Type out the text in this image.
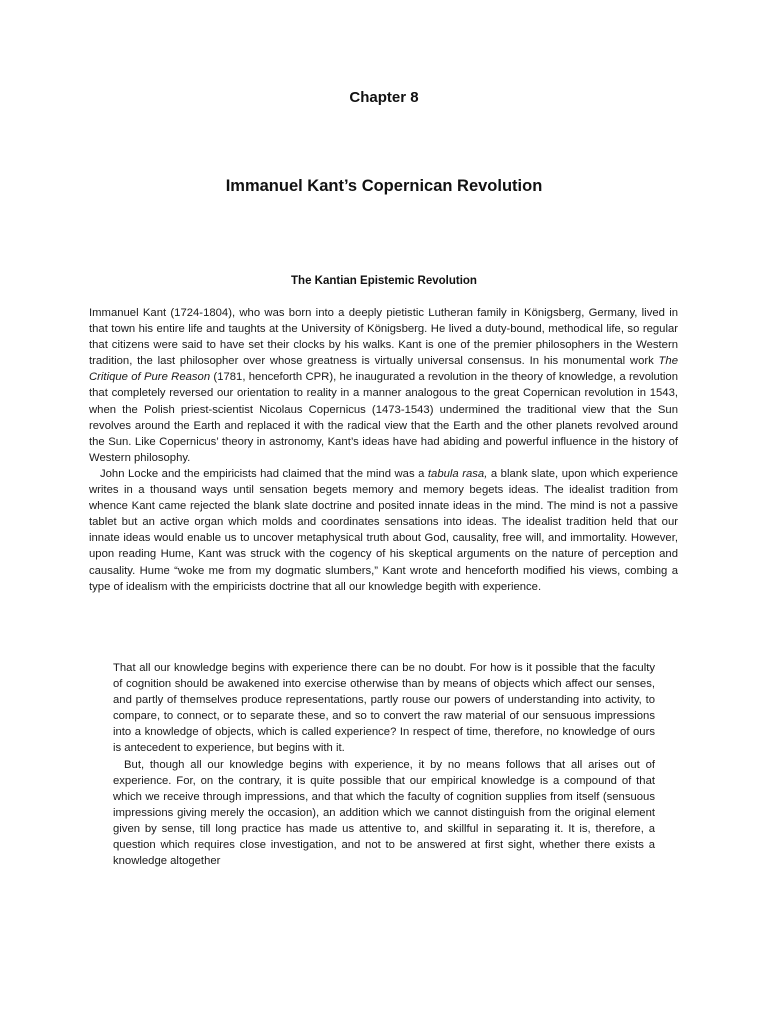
Chapter 8
Immanuel Kant’s Copernican Revolution
The Kantian Epistemic Revolution

Immanuel Kant (1724-1804), who was born into a deeply pietistic Lutheran family in Königsberg, Germany, lived in that town his entire life and taughts at the University of Königsberg. He lived a duty-bound, methodical life, so regular that citizens were said to have set their clocks by his walks. Kant is one of the premier philosophers in the Western tradition, the last philosopher over whose greatness is virtually universal consensus. In his monumental work The Critique of Pure Reason (1781, henceforth CPR), he inaugurated a revolution in the theory of knowledge, a revolution that completely reversed our orientation to reality in a manner analogous to the great Copernican revolution in 1543, when the Polish priest-scientist Nicolaus Copernicus (1473-1543) undermined the traditional view that the Sun revolves around the Earth and replaced it with the radical view that the Earth and the other planets revolved around the Sun. Like Copernicus’ theory in astronomy, Kant’s ideas have had abiding and powerful influence in the history of Western philosophy.

John Locke and the empiricists had claimed that the mind was a tabula rasa, a blank slate, upon which experience writes in a thousand ways until sensation begets memory and memory begets ideas. The idealist tradition from whence Kant came rejected the blank slate doctrine and posited innate ideas in the mind. The mind is not a passive tablet but an active organ which molds and coordinates sensations into ideas. The idealist tradition held that our innate ideas would enable us to uncover metaphysical truth about God, causality, free will, and immortality. However, upon reading Hume, Kant was struck with the cogency of his skeptical arguments on the nature of perception and causality. Hume “woke me from my dogmatic slumbers,” Kant wrote and henceforth modified his views, combing a type of idealism with the empiricists doctrine that all our knowledge begith with experience.

That all our knowledge begins with experience there can be no doubt. For how is it possible that the faculty of cognition should be awakened into exercise otherwise than by means of objects which affect our senses, and partly of themselves produce representations, partly rouse our powers of understanding into activity, to compare, to connect, or to separate these, and so to convert the raw material of our sensuous impressions into a knowledge of objects, which is called experience? In respect of time, therefore, no knowledge of ours is antecedent to experience, but begins with it.

But, though all our knowledge begins with experience, it by no means follows that all arises out of experience. For, on the contrary, it is quite possible that our empirical knowledge is a compound of that which we receive through impressions, and that which the faculty of cognition supplies from itself (sensuous impressions giving merely the occasion), an addition which we cannot distinguish from the original element given by sense, till long practice has made us attentive to, and skillful in separating it. It is, therefore, a question which requires close investigation, and not to be answered at first sight, whether there exists a knowledge altogether
